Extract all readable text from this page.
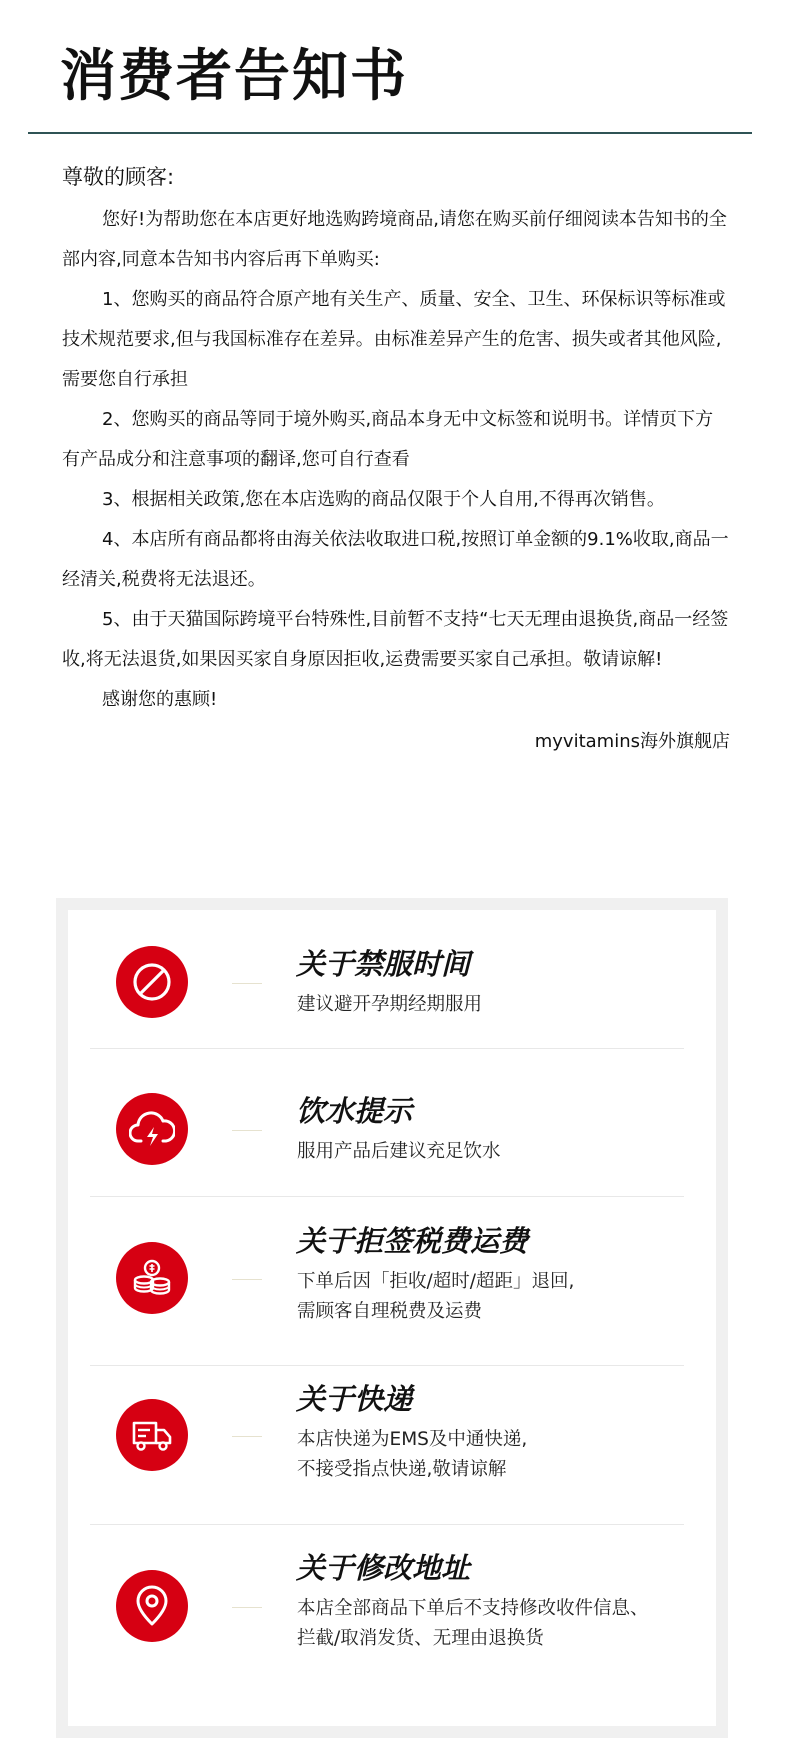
消费者告知书
尊敬的顾客:

您好!为帮助您在本店更好地选购跨境商品,请您在购买前仔细阅读本告知书的全部内容,同意本告知书内容后再下单购买:

1、您购买的商品符合原产地有关生产、质量、安全、卫生、环保标识等标准或技术规范要求,但与我国标准存在差异。由标准差异产生的危害、损失或者其他风险,需要您自行承担

2、您购买的商品等同于境外购买,商品本身无中文标签和说明书。详情页下方有产品成分和注意事项的翻译,您可自行查看

3、根据相关政策,您在本店选购的商品仅限于个人自用,不得再次销售。

4、本店所有商品都将由海关依法收取进口税,按照订单金额的9.1%收取,商品一经清关,税费将无法退还。

5、由于天猫国际跨境平台特殊性,目前暂不支持“七天无理由退换货,商品一经签收,将无法退货,如果因买家自身原因拒收,运费需要买家自己承担。敬请谅解!

感谢您的惠顾!

myvitamins海外旗舰店
关于禁服时间
建议避开孕期经期服用
饮水提示
服用产品后建议充足饮水
关于拒签税费运费
下单后因「拒收/超时/超距」退回,
需顾客自理税费及运费
关于快递
本店快递为EMS及中通快递,
不接受指点快递,敬请谅解
关于修改地址
本店全部商品下单后不支持修改收件信息、
拦截/取消发货、无理由退换货
